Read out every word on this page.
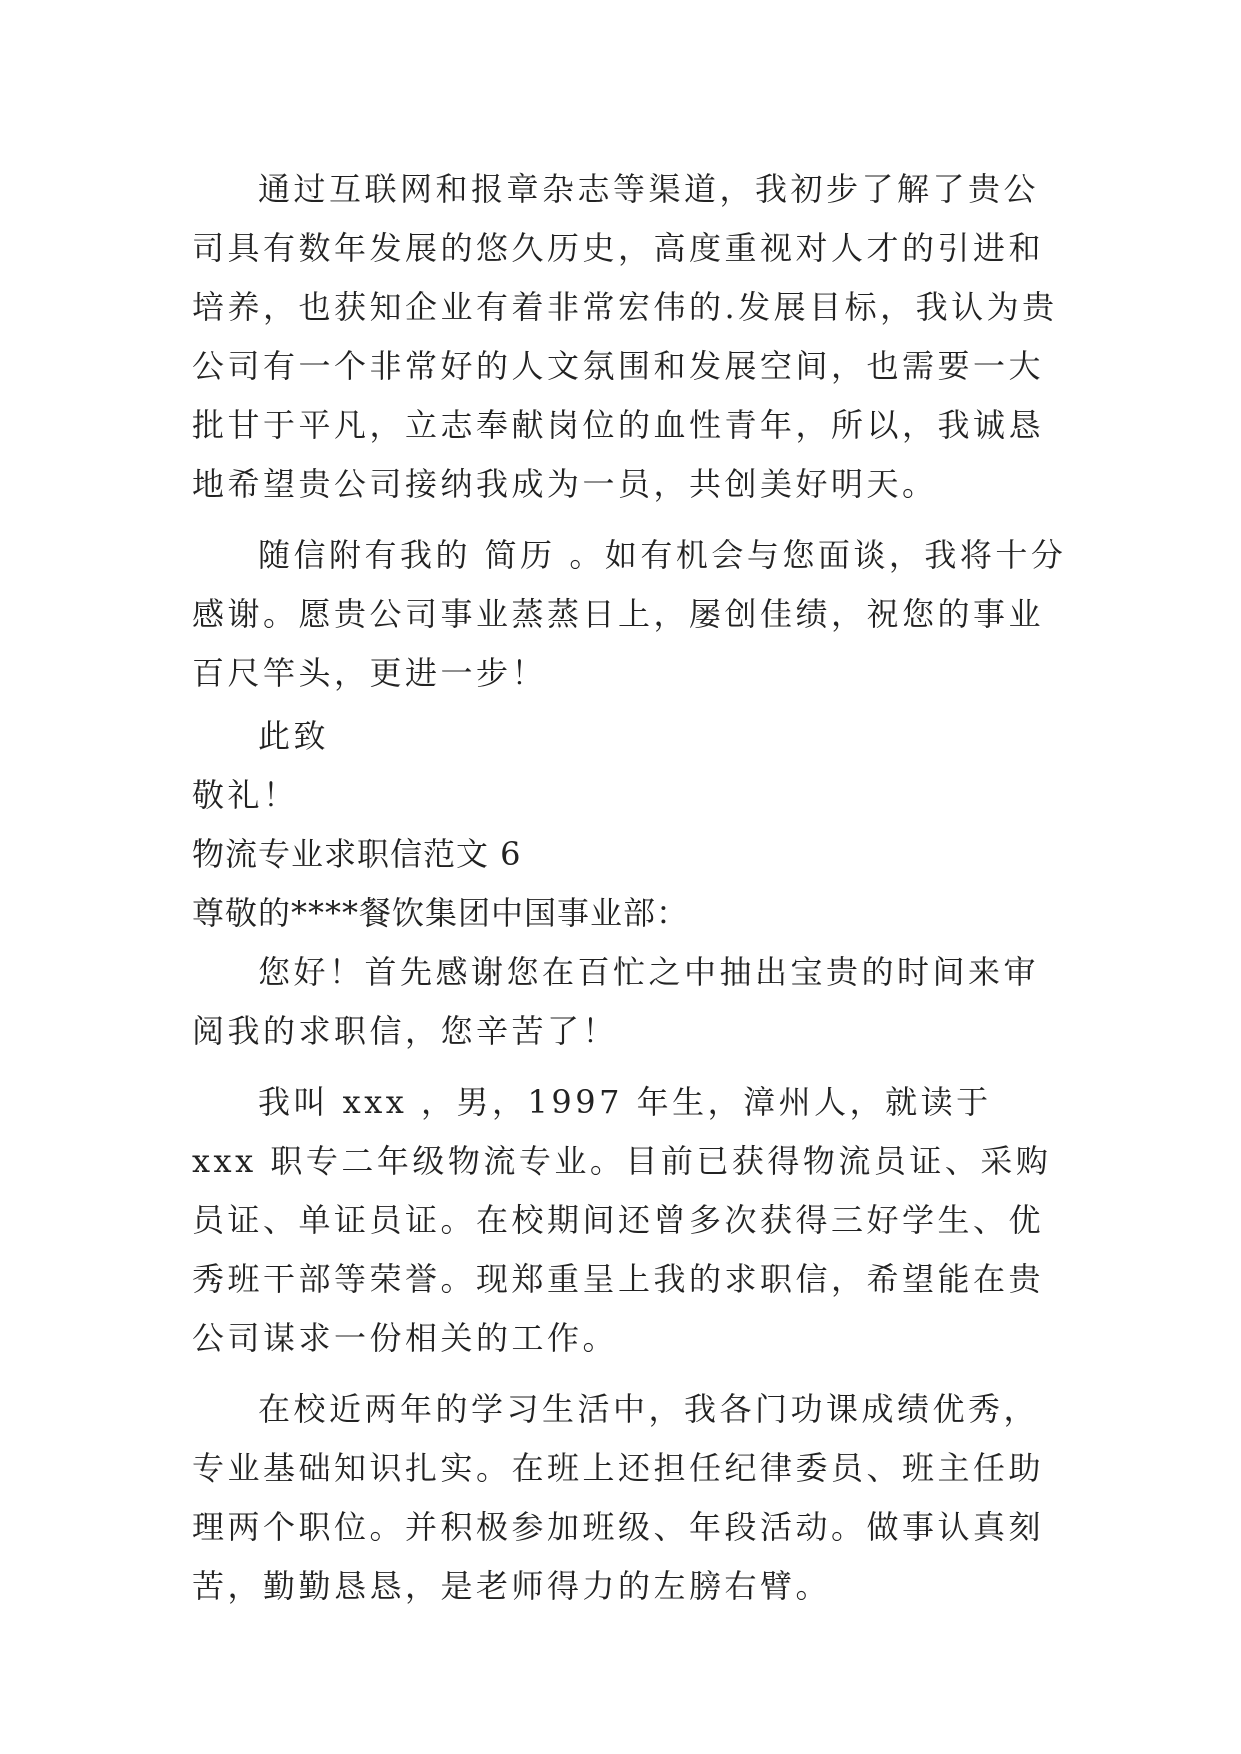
通过互联网和报章杂志等渠道，我初步了解了贵公司具有数年发展的悠久历史，高度重视对人才的引进和培养，也获知企业有着非常宏伟的.发展目标，我认为贵公司有一个非常好的人文氛围和发展空间，也需要一大批甘于平凡，立志奉献岗位的血性青年，所以，我诚恳地希望贵公司接纳我成为一员，共创美好明天。

随信附有我的 简历 。如有机会与您面谈，我将十分感谢。愿贵公司事业蒸蒸日上，屡创佳绩，祝您的事业百尺竿头，更进一步！

此致

敬礼！

物流专业求职信范文 6

尊敬的****餐饮集团中国事业部：

您好！首先感谢您在百忙之中抽出宝贵的时间来审阅我的求职信，您辛苦了！

我叫 xxx ，男，1997 年生，漳州人，就读于 xxx 职专二年级物流专业。目前已获得物流员证、采购员证、单证员证。在校期间还曾多次获得三好学生、优秀班干部等荣誉。现郑重呈上我的求职信，希望能在贵公司谋求一份相关的工作。

在校近两年的学习生活中，我各门功课成绩优秀，专业基础知识扎实。在班上还担任纪律委员、班主任助理两个职位。并积极参加班级、年段活动。做事认真刻苦，勤勤恳恳，是老师得力的左膀右臂。
